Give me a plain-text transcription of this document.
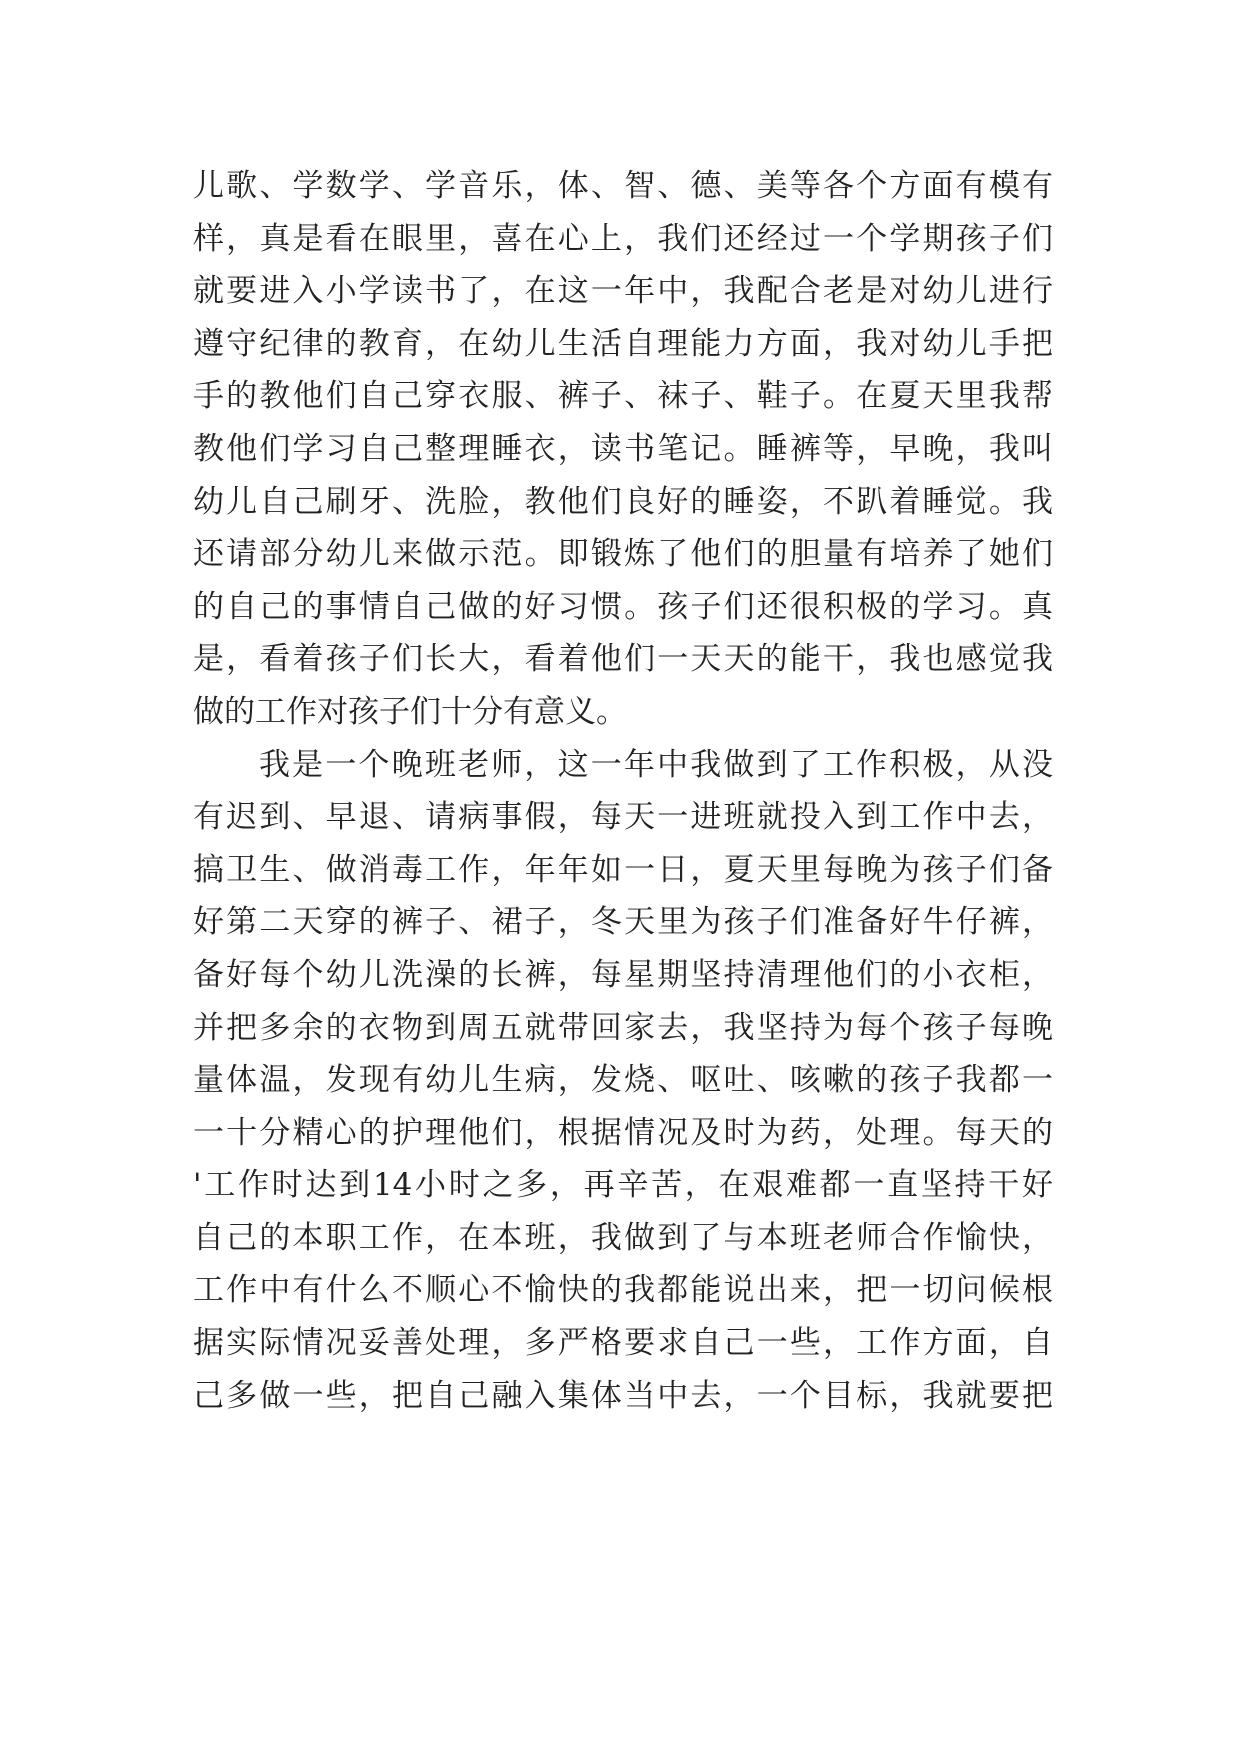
儿歌、学数学、学音乐，体、智、德、美等各个方面有模有
样，真是看在眼里，喜在心上，我们还经过一个学期孩子们
就要进入小学读书了，在这一年中，我配合老是对幼儿进行
遵守纪律的教育，在幼儿生活自理能力方面，我对幼儿手把
手的教他们自己穿衣服、裤子、袜子、鞋子。在夏天里我帮
教他们学习自己整理睡衣，读书笔记。睡裤等，早晚，我叫
幼儿自己刷牙、洗脸，教他们良好的睡姿，不趴着睡觉。我
还请部分幼儿来做示范。即锻炼了他们的胆量有培养了她们
的自己的事情自己做的好习惯。孩子们还很积极的学习。真
是，看着孩子们长大，看着他们一天天的能干，我也感觉我
做的工作对孩子们十分有意义。
我是一个晚班老师，这一年中我做到了工作积极，从没
有迟到、早退、请病事假，每天一进班就投入到工作中去，
搞卫生、做消毒工作，年年如一日，夏天里每晚为孩子们备
好第二天穿的裤子、裙子，冬天里为孩子们准备好牛仔裤，
备好每个幼儿洗澡的长裤，每星期坚持清理他们的小衣柜，
并把多余的衣物到周五就带回家去，我坚持为每个孩子每晚
量体温，发现有幼儿生病，发烧、呕吐、咳嗽的孩子我都一
一十分精心的护理他们，根据情况及时为药，处理。每天的
'工作时达到14小时之多，再辛苦，在艰难都一直坚持干好
自己的本职工作，在本班，我做到了与本班老师合作愉快，
工作中有什么不顺心不愉快的我都能说出来，把一切问候根
据实际情况妥善处理，多严格要求自己一些，工作方面，自
己多做一些，把自己融入集体当中去，一个目标，我就要把
